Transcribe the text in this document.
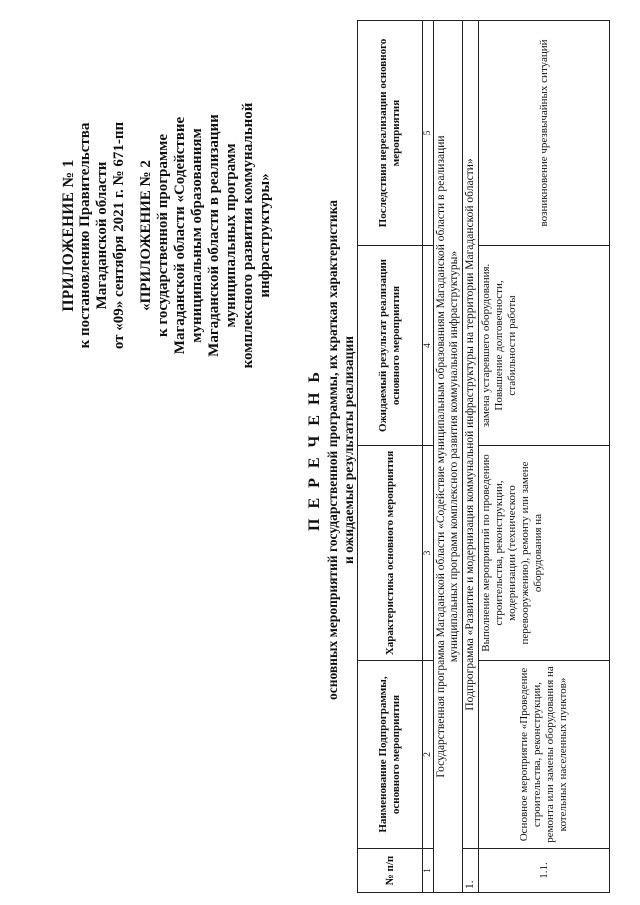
ПРИЛОЖЕНИЕ № 1 к постановлению Правительства Магаданской области от «09» сентября 2021 г. № 671-пп «ПРИЛОЖЕНИЕ № 2 к государственной программе Магаданской области «Содействие муниципальным образованиям Магаданской области в реализации муниципальных программ комплексного развития коммунальной инфраструктуры»
П Е Р Е Ч Е Н Ь основных мероприятий государственной программы, их краткая характеристика и ожидаемые результаты реализации
№ п/п	Наименование Подпрограммы, основного мероприятия	Характеристика основного мероприятия	Ожидаемый результат реализации основного мероприятия	Последствия нереализации основного мероприятия
1	2	3	4	5

Государственная программа Магаданской области «Содействие муниципальным образованиям Магаданской области в реализации муниципальных программ комплексного развития коммунальной инфраструктуры»				

1.	Подпрограмма «Развитие и модернизация коммунальной инфраструктуры на территории Магаданской области»			
1.1.	Основное мероприятие «Проведение строительства, реконструкции, ремонта или замены оборудования на котельных населенных пунктов»	Выполнение мероприятий по проведению строительства, реконструкции, модернизации (технического перевооружению), ремонту или замене оборудования на	замена устаревшего оборудования. Повышение долговечности, стабильности работы	возникновение чрезвычайных ситуаций
